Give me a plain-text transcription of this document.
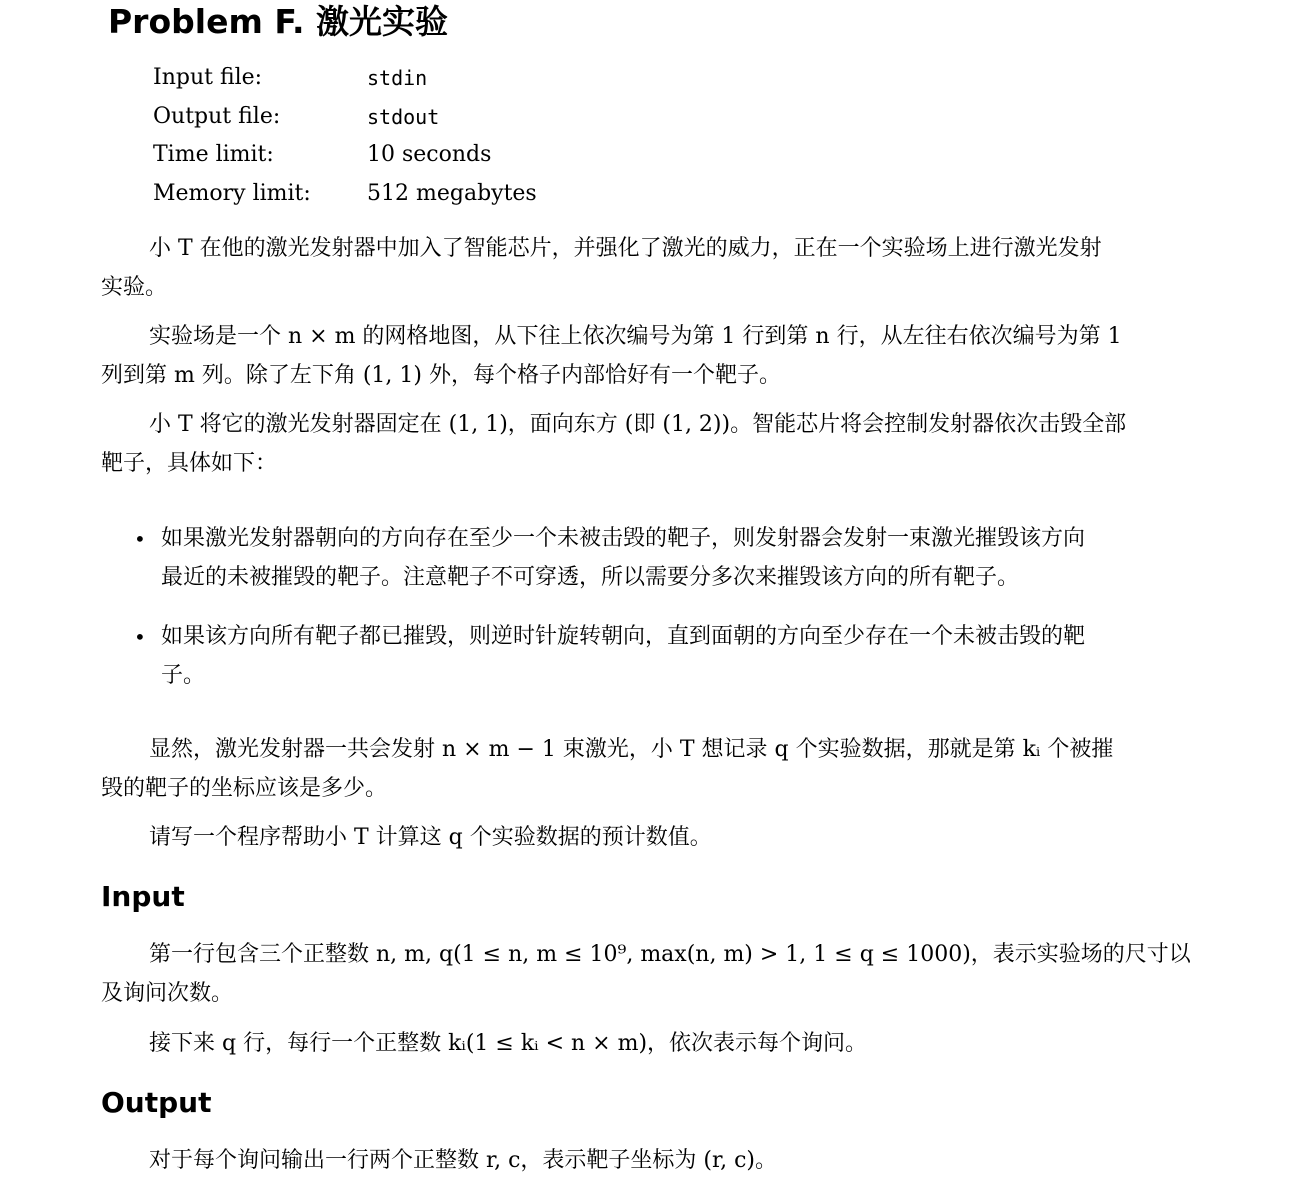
Problem F. 激光实验
Input file:	stdin
Output file:	stdout
Time limit:	10 seconds
Memory limit:	512 megabytes
小 T 在他的激光发射器中加入了智能芯片，并强化了激光的威力，正在一个实验场上进行激光发射
实验。
实验场是一个 n × m 的网格地图，从下往上依次编号为第 1 行到第 n 行，从左往右依次编号为第 1
列到第 m 列。除了左下角 (1, 1) 外，每个格子内部恰好有一个靶子。
小 T 将它的激光发射器固定在 (1, 1)，面向东方 (即 (1, 2))。智能芯片将会控制发射器依次击毁全部
靶子，具体如下：
• 如果激光发射器朝向的方向存在至少一个未被击毁的靶子，则发射器会发射一束激光摧毁该方向
最近的未被摧毁的靶子。注意靶子不可穿透，所以需要分多次来摧毁该方向的所有靶子。
• 如果该方向所有靶子都已摧毁，则逆时针旋转朝向，直到面朝的方向至少存在一个未被击毁的靶
子。
显然，激光发射器一共会发射 n × m − 1 束激光，小 T 想记录 q 个实验数据，那就是第 kᵢ 个被摧
毁的靶子的坐标应该是多少。
请写一个程序帮助小 T 计算这 q 个实验数据的预计数值。
Input
第一行包含三个正整数 n, m, q(1 ≤ n, m ≤ 10⁹, max(n, m) > 1, 1 ≤ q ≤ 1000)，表示实验场的尺寸以
及询问次数。
接下来 q 行，每行一个正整数 kᵢ(1 ≤ kᵢ < n × m)，依次表示每个询问。
Output
对于每个询问输出一行两个正整数 r, c，表示靶子坐标为 (r, c)。
